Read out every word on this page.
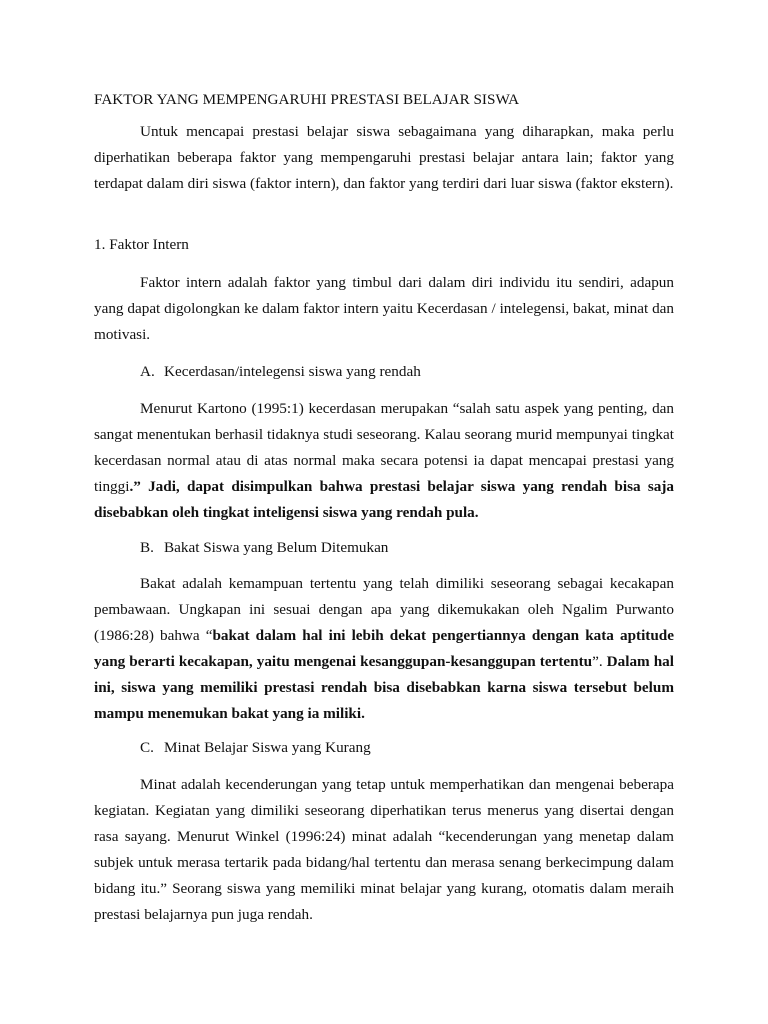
FAKTOR YANG MEMPENGARUHI PRESTASI BELAJAR SISWA

Untuk mencapai prestasi belajar siswa sebagaimana yang diharapkan, maka perlu diperhatikan beberapa faktor yang mempengaruhi prestasi belajar antara lain; faktor yang terdapat dalam diri siswa (faktor intern), dan faktor yang terdiri dari luar siswa (faktor ekstern).

1. Faktor Intern

Faktor intern adalah faktor yang timbul dari dalam diri individu itu sendiri, adapun yang dapat digolongkan ke dalam faktor intern yaitu Kecerdasan / intelegensi, bakat, minat dan motivasi.

A. Kecerdasan/intelegensi siswa yang rendah

Menurut Kartono (1995:1) kecerdasan merupakan “salah satu aspek yang penting, dan sangat menentukan berhasil tidaknya studi seseorang. Kalau seorang murid mempunyai tingkat kecerdasan normal atau di atas normal maka secara potensi ia dapat mencapai prestasi yang tinggi.” Jadi, dapat disimpulkan bahwa prestasi belajar siswa yang rendah bisa saja disebabkan oleh tingkat inteligensi siswa yang rendah pula.

B. Bakat Siswa yang Belum Ditemukan

Bakat adalah kemampuan tertentu yang telah dimiliki seseorang sebagai kecakapan pembawaan. Ungkapan ini sesuai dengan apa yang dikemukakan oleh Ngalim Purwanto (1986:28) bahwa “bakat dalam hal ini lebih dekat pengertiannya dengan kata aptitude yang berarti kecakapan, yaitu mengenai kesanggupan-kesanggupan tertentu”. Dalam hal ini, siswa yang memiliki prestasi rendah bisa disebabkan karna siswa tersebut belum mampu menemukan bakat yang ia miliki.

C. Minat Belajar Siswa yang Kurang

Minat adalah kecenderungan yang tetap untuk memperhatikan dan mengenai beberapa kegiatan. Kegiatan yang dimiliki seseorang diperhatikan terus menerus yang disertai dengan rasa sayang. Menurut Winkel (1996:24) minat adalah “kecenderungan yang menetap dalam subjek untuk merasa tertarik pada bidang/hal tertentu dan merasa senang berkecimpung dalam bidang itu.” Seorang siswa yang memiliki minat belajar yang kurang, otomatis dalam meraih prestasi belajarnya pun juga rendah.
